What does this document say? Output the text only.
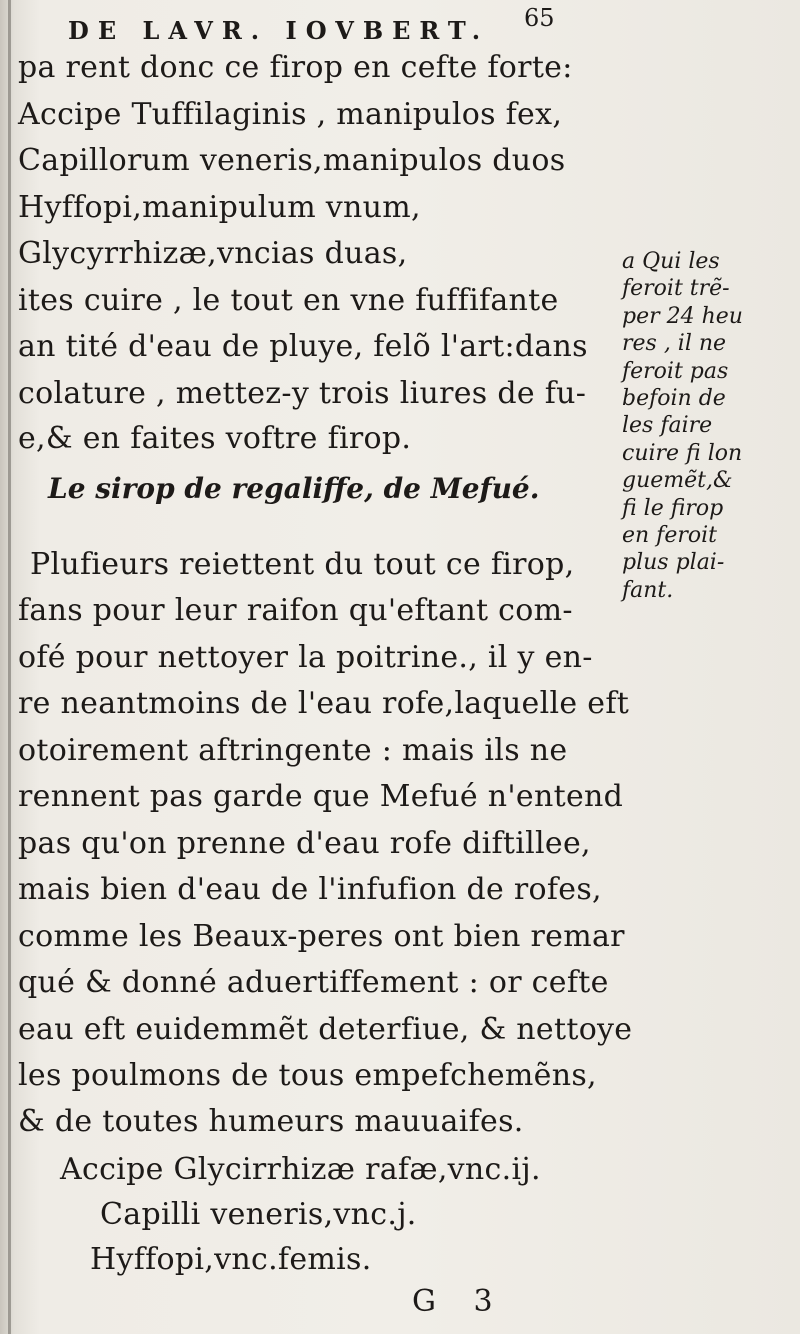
DE LAVR. IOVBERT. 65
pa rent donc ce firop en cefte forte:
Accipe Tuffilaginis , manipulos fex,
Capillorum veneris,manipulos duos
Hyffopi,manipulum vnum,
Glycyrrhizæ,vncias duas,
ites cuire , le tout en vne fuffifante
an tité d'eau de pluye, felõ l'art:dans
colature , mettez-y trois liures de fu-
e,& en faites voftre firop.
Le sirop de regaliffe, de Mefué.
Plufieurs reiettent du tout ce firop,
fans pour leur raifon qu'eftant com-
ofé pour nettoyer la poitrine., il y en-
re neantmoins de l'eau rofe,laquelle eft
otoirement aftringente : mais ils ne
rennent pas garde que Mefué n'entend
pas qu'on prenne d'eau rofe diftillee,
mais bien d'eau de l'infufion de rofes,
comme les Beaux-peres ont bien remar
qué & donné aduertiffement : or cefte
eau eft euidemmẽt deterfiue, & nettoye
les poulmons de tous empefchemẽns,
& de toutes humeurs mauuaifes.
Accipe Glycirrhizæ rafæ,vnc.ij.
Capilli veneris,vnc.j.
Hyffopi,vnc.femis.
G 3
a Qui les
feroit trẽ-
per 24 heu
res , il ne
feroit pas
befoin de
les faire
cuire fi lon
guemẽt,&
fi le firop
en feroit
plus plai-
fant.
